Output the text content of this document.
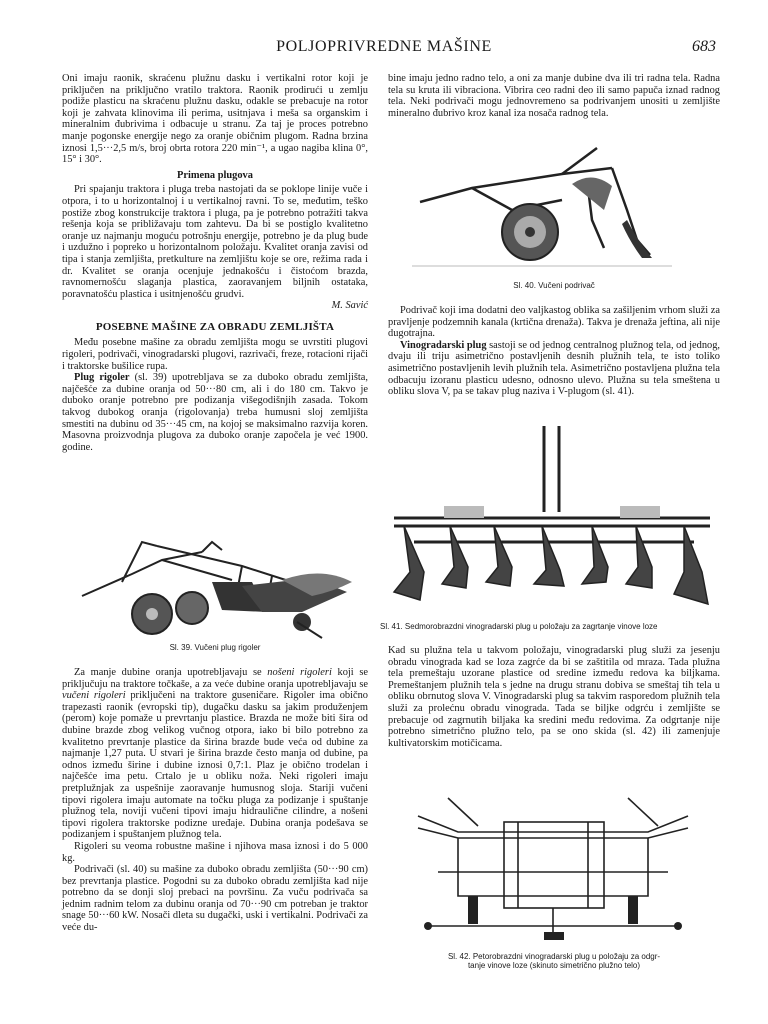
POLJOPRIVREDNE MAŠINE	683

Oni imaju raonik, skraćenu plužnu dasku i vertikalni rotor koji je priključen na priključno vratilo traktora. Raonik prodirući u zemlju podiže plasticu na skraćenu plužnu dasku, odakle se prebacuje na rotor koji je zahvata klinovima ili perima, usitnjava i meša sa organskim i mineralnim đubrivima i odbacuje u stranu. Za taj je proces potrebno manje pogonske energije nego za oranje običnim plugom. Radna brzina iznosi 1,5···2,5 m/s, broj obrta rotora 220 min⁻¹, a ugao nagiba klina 0°, 15° i 30°.

Primena plugova

Pri spajanju traktora i pluga treba nastojati da se poklope linije vuče i otpora, i to u horizontalnoj i u vertikalnoj ravni. To se, međutim, teško postiže zbog konstrukcije traktora i pluga, pa je potrebno potražiti takva rešenja koja se približavaju tom zahtevu. Da bi se postiglo kvalitetno oranje uz najmanju moguću potrošnju energije, potrebno je da plug bude i uzdužno i popreko u horizontalnom položaju. Kvalitet oranja zavisi od tipa i stanja zemljišta, pretkulture na zemljištu koje se ore, režima rada i dr. Kvalitet se oranja ocenjuje jednakošću i čistoćom brazda, ravnomernošću slaganja plastica, zaoravanjem biljnih ostataka, poravnatošću plastica i usitnjenošću grudvi.

M. Savić

POSEBNE MAŠINE ZA OBRADU ZEMLJIŠTA

Među posebne mašine za obradu zemljišta mogu se uvrstiti plugovi rigoleri, podrivači, vinogradarski plugovi, razrivači, freze, rotacioni rijači i traktorske bušilice rupa.

Plug rigoler (sl. 39) upotrebljava se za duboko obradu zemljišta, najčešće za dubine oranja od 50···80 cm, ali i do 180 cm. Takvo je duboko oranje potrebno pre podizanja višegodišnjih zasada. Tokom takvog dubokog oranja (rigolovanja) treba humusni sloj zemljišta smestiti na dubinu od 35···45 cm, na kojoj se maksimalno razvija koren. Masovna proizvodnja plugova za duboko oranje započela je već 1900. godine.

Sl. 39. Vučeni plug rigoler

Za manje dubine oranja upotrebljavaju se nošeni rigoleri koji se priključuju na traktore točkaše, a za veće dubine oranja upotrebljavaju se vučeni rigoleri priključeni na traktore guseničare. Rigoler ima obično trapezasti raonik (evropski tip), dugačku dasku sa jakim produženjem (perom) koje pomaže u prevrtanju plastice. Brazda ne može biti šira od dubine brazde zbog velikog vučnog otpora, iako bi bilo potrebno za kvalitetno prevrtanje plastice da širina brazde bude veća od dubine za najmanje 1,27 puta. U stvari je širina brazde često manja od dubine, pa odnos između širine i dubine iznosi 0,7:1. Plaz je obično trodelan i najčešće ima petu. Crtalo je u obliku noža. Neki rigoleri imaju pretplužnjak za uspešnije zaoravanje humusnog sloja. Stariji vučeni tipovi rigolera imaju automate na točku pluga za podizanje i spuštanje plužnog tela, noviji vučeni tipovi imaju hidraulične cilindre, a nošeni tipovi rigolera traktorske podizne uređaje. Dubina oranja podešava se podizanjem i spuštanjem plužnog tela.

Rigoleri su veoma robustne mašine i njihova masa iznosi i do 5 000 kg.

Podrivači (sl. 40) su mašine za duboko obradu zemljišta (50···90 cm) bez prevrtanja plastice. Pogodni su za duboko obradu zemljišta kad nije potrebno da se donji sloj prebaci na površinu. Za vuču podrivača sa jednim radnim telom za dubinu oranja od 70···90 cm potreban je traktor snage 50···60 kW. Nosači dleta su dugački, uski i vertikalni. Podrivači za veće du-

bine imaju jedno radno telo, a oni za manje dubine dva ili tri radna tela. Radna tela su kruta ili vibraciona. Vibrira ceo radni deo ili samo papuča iznad radnog tela. Neki podrivači mogu jednovremeno sa podrivanjem unositi u zemljište mineralno đubrivo kroz kanal iza nosača radnog tela.

Sl. 40. Vučeni podrivač

Podrivač koji ima dodatni deo valjkastog oblika sa zašiljenim vrhom služi za pravljenje podzemnih kanala (krtična drenaža). Takva je drenaža jeftina, ali nije dugotrajna.

Vinogradarski plug sastoji se od jednog centralnog plužnog tela, od jednog, dvaju ili triju asimetrično postavljenih desnih plužnih tela, te isto toliko asimetrično postavljenih levih plužnih tela. Asimetrično postavljena plužna tela odbacuju izoranu plasticu udesno, odnosno ulevo. Plužna su tela smeštena u obliku slova V, pa se takav plug naziva i V-plugom (sl. 41).

Sl. 41. Sedmorobrazdni vinogradarski plug u položaju za zagrtanje vinove loze

Kad su plužna tela u takvom položaju, vinogradarski plug služi za jesenju obradu vinograda kad se loza zagrće da bi se zaštitila od mraza. Tada plužna tela premeštaju uzorane plastice od sredine između redova ka biljkama. Premeštanjem plužnih tela s jedne na drugu stranu dobiva se smeštaj tih tela u obliku obrnutog slova V. Vinogradarski plug sa takvim rasporedom plužnih tela služi za prolećnu obradu vinograda. Tada se biljke odgrću i zemljište se prebacuje od zagrnutih biljaka ka sredini među redovima. Za odgrtanje nije potrebno simetrično plužno telo, pa se ono skida (sl. 42) ili zamenjuje kultivatorskim motičicama.

Sl. 42. Petorobrazdni vinogradarski plug u položaju za odgr-
tanje vinove loze (skinuto simetrično plužno telo)
